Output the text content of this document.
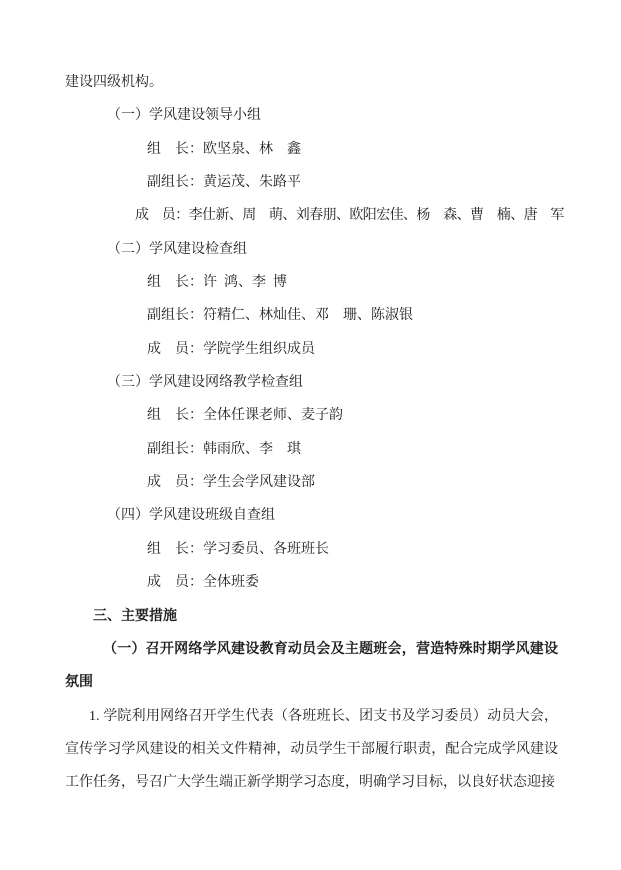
建设四级机构。

（一）学风建设领导小组

组　长：欧坚泉、林　鑫

副组长：黄运茂、朱路平

成　员：李仕新、周　萌、刘春朋、欧阳宏佳、杨　森、曹　楠、唐　军

（二）学风建设检查组

组　长：许 鸿、李 博

副组长：符精仁、林灿佳、邓　珊、陈淑银

成　员：学院学生组织成员

（三）学风建设网络教学检查组

组　长：全体任课老师、麦子韵

副组长：韩雨欣、李　琪

成　员：学生会学风建设部

（四）学风建设班级自查组

组　长：学习委员、各班班长

成　员：全体班委

三、主要措施

（一）召开网络学风建设教育动员会及主题班会，营造特殊时期学风建设氛围

1. 学院利用网络召开学生代表（各班班长、团支书及学习委员）动员大会，宣传学习学风建设的相关文件精神，动员学生干部履行职责，配合完成学风建设工作任务，号召广大学生端正新学期学习态度，明确学习目标，以良好状态迎接
